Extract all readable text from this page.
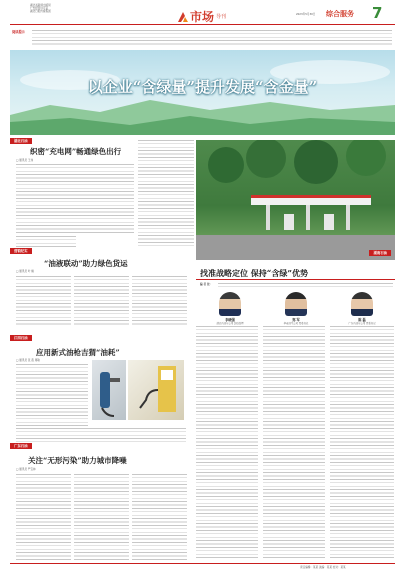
湖北省新闻出版局
广告经营许可证
湖北日报传媒集团	市场 导刊	2023年5月30日 综合服务 7
阅读提示
以企业“含绿量”提升发展“含金量”
湖北石油
织密“充电网”畅通绿色出行
□ 通讯员 王伟
营销纪实
“油液联动”助力绿色货运
□ 通讯员 叶 楠
江西石油
应用新式油枪吉猬“油耗”
□ 通讯员 张 燕 周敏
广东石油
关注“无形污染”助力城市降噪
□ 通讯员 严宝林
湖南石油
找准战略定位 保持“含绿”优势
编 者 按：
李晓强
湖北石油分公司 副总经理
郑 军
华南油气公司 党委书记
陈 磊
广东石油分公司 党委书记
责任编辑：某某 美编：某某 校对：某某
